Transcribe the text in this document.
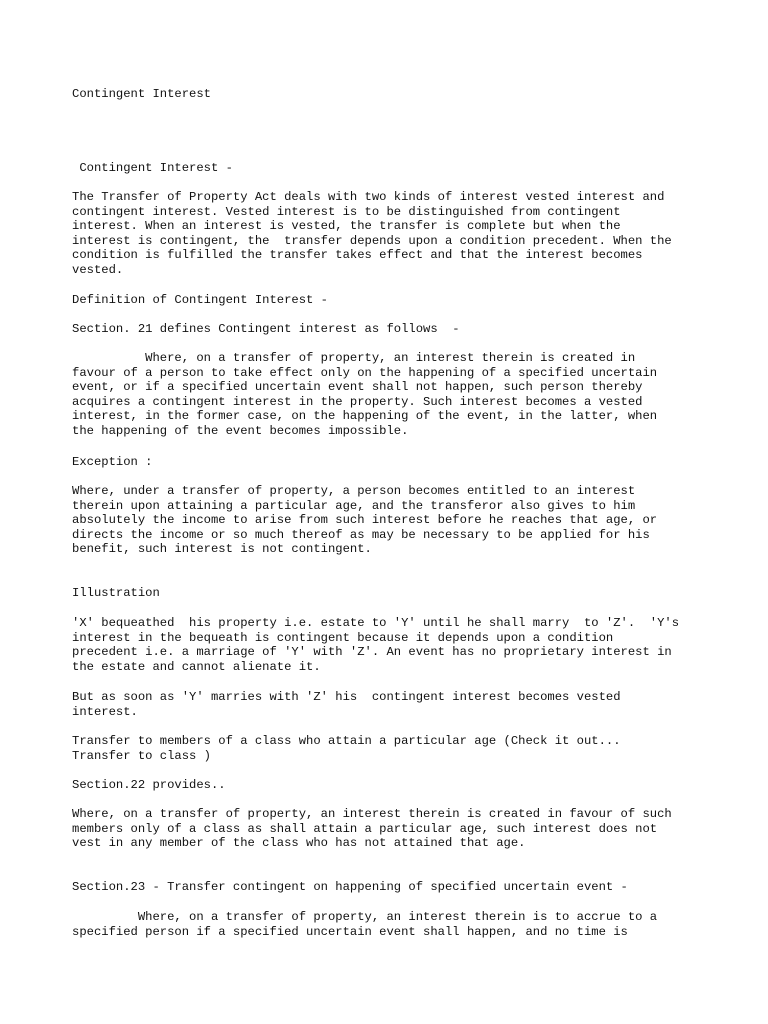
Contingent Interest

Contingent Interest -

The Transfer of Property Act deals with two kinds of interest vested interest and
contingent interest. Vested interest is to be distinguished from contingent
interest. When an interest is vested, the transfer is complete but when the
interest is contingent, the  transfer depends upon a condition precedent. When the
condition is fulfilled the transfer takes effect and that the interest becomes
vested.

Definition of Contingent Interest -

Section. 21 defines Contingent interest as follows  -

Where, on a transfer of property, an interest therein is created in
favour of a person to take effect only on the happening of a specified uncertain
event, or if a specified uncertain event shall not happen, such person thereby
acquires a contingent interest in the property. Such interest becomes a vested
interest, in the former case, on the happening of the event, in the latter, when
the happening of the event becomes impossible.

Exception :

Where, under a transfer of property, a person becomes entitled to an interest
therein upon attaining a particular age, and the transferor also gives to him
absolutely the income to arise from such interest before he reaches that age, or
directs the income or so much thereof as may be necessary to be applied for his
benefit, such interest is not contingent.

Illustration

'X' bequeathed  his property i.e. estate to 'Y' until he shall marry  to 'Z'.  'Y's
interest in the bequeath is contingent because it depends upon a condition
precedent i.e. a marriage of 'Y' with 'Z'. An event has no proprietary interest in
the estate and cannot alienate it.

But as soon as 'Y' marries with 'Z' his  contingent interest becomes vested
interest.

Transfer to members of a class who attain a particular age (Check it out...
Transfer to class )

Section.22 provides..

Where, on a transfer of property, an interest therein is created in favour of such
members only of a class as shall attain a particular age, such interest does not
vest in any member of the class who has not attained that age.

Section.23 - Transfer contingent on happening of specified uncertain event -

Where, on a transfer of property, an interest therein is to accrue to a
specified person if a specified uncertain event shall happen, and no time is
